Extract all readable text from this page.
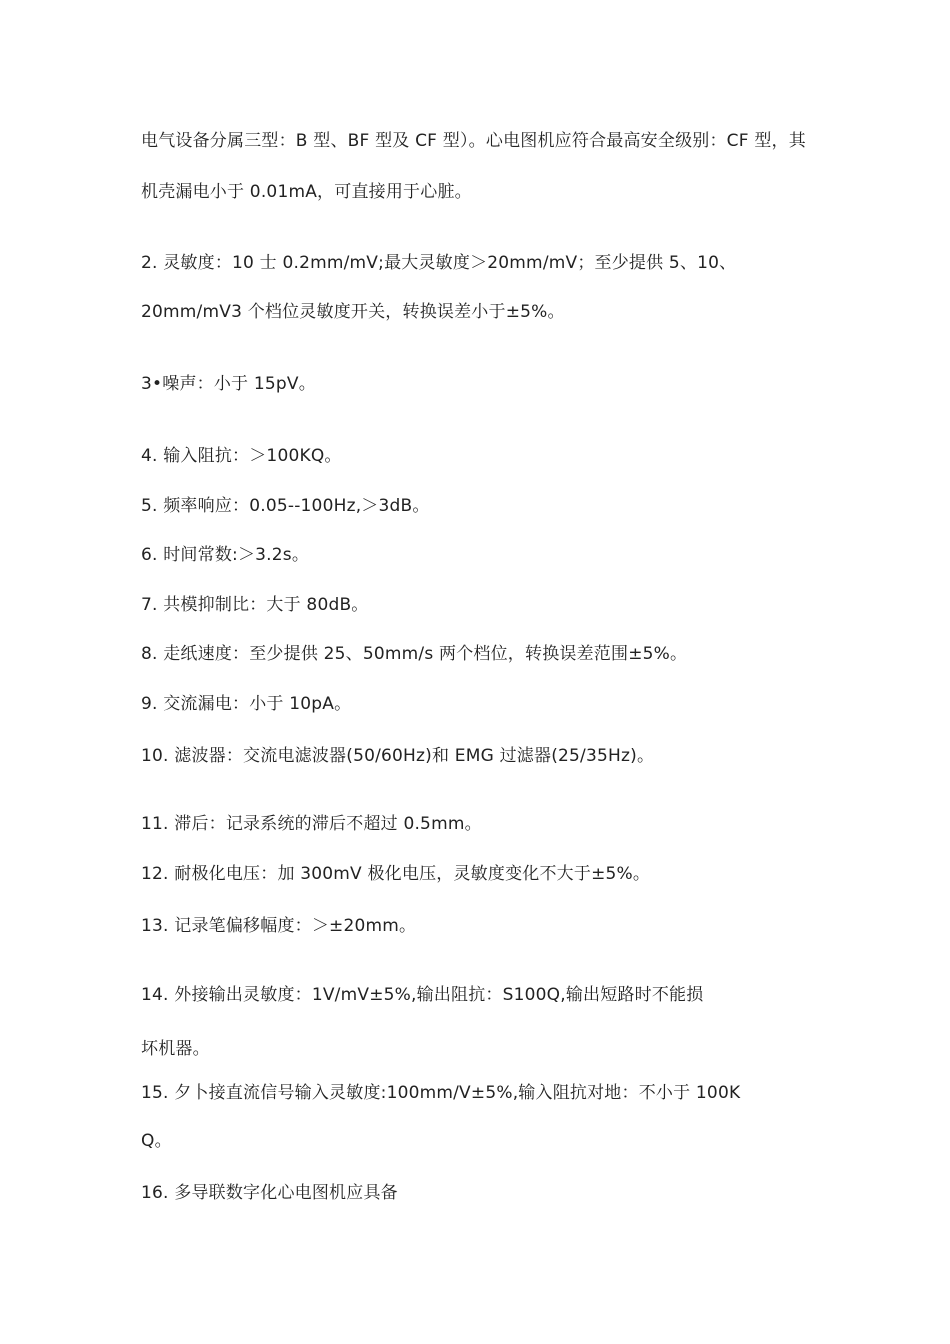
电气设备分属三型：B 型、BF 型及 CF 型）。心电图机应符合最高安全级别：CF 型，其
机壳漏电小于 0.01mA，可直接用于心脏。
2. 灵敏度：10 士 0.2mm/mV;最大灵敏度＞20mm/mV；至少提供 5、10、
20mm/mV3 个档位灵敏度开关，转换误差小于±5%。
3•噪声：小于 15pV。
4. 输入阻抗：＞100KQ。
5. 频率响应：0.05--100Hz,＞3dB。
6. 时间常数:＞3.2s。
7. 共模抑制比：大于 80dB。
8. 走纸速度：至少提供 25、50mm/s 两个档位，转换误差范围±5%。
9. 交流漏电：小于 10pA。
10. 滤波器：交流电滤波器(50/60Hz)和 EMG 过滤器(25/35Hz)。
11. 滞后：记录系统的滞后不超过 0.5mm。
12. 耐极化电压：加 300mV 极化电压，灵敏度变化不大于±5%。
13. 记录笔偏移幅度：＞±20mm。
14. 外接输出灵敏度：1V/mV±5%,输出阻抗：S100Q,输出短路时不能损
坏机器。
15. 夕卜接直流信号输入灵敏度:100mm/V±5%,输入阻抗对地：不小于 100K
Q。
16. 多导联数字化心电图机应具备
